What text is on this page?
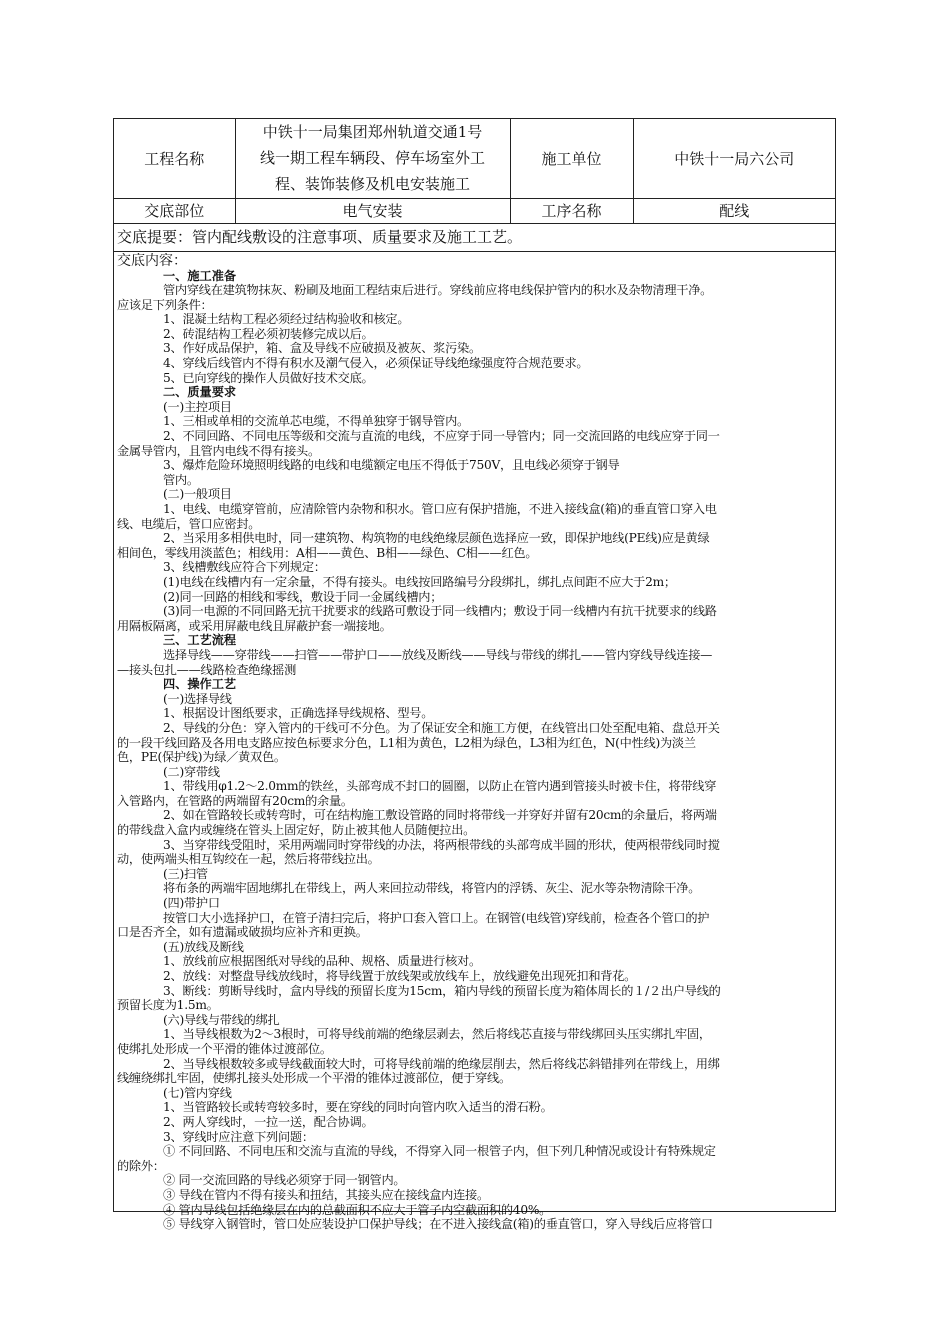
工程名称	中铁十一局集团郑州轨道交通1号
线一期工程车辆段、停车场室外工
程、装饰装修及机电安装施工	施工单位	中铁十一局六公司
交底部位	电气安装	工序名称	配线
交底提要：管内配线敷设的注意事项、质量要求及施工工艺。
交底内容：
一、施工准备
管内穿线在建筑物抹灰、粉刷及地面工程结束后进行。穿线前应将电线保护管内的积水及杂物清理干净。
应该足下列条件：
1、混凝土结构工程必须经过结构验收和核定。
2、砖混结构工程必须初装修完成以后。
3、作好成品保护，箱、盒及导线不应破损及被灰、浆污染。
4、穿线后线管内不得有积水及潮气侵入，必须保证导线绝缘强度符合规范要求。
5、已向穿线的操作人员做好技术交底。
二、质量要求
(一)主控项目
1、三相或单相的交流单芯电缆，不得单独穿于钢导管内。
2、不同回路、不同电压等级和交流与直流的电线，不应穿于同一导管内；同一交流回路的电线应穿于同一
金属导管内，且管内电线不得有接头。
3、爆炸危险环境照明线路的电线和电缆额定电压不得低于750V，且电线必须穿于钢导
管内。
(二)一般项目
1、电线、电缆穿管前，应清除管内杂物和积水。管口应有保护措施，不进入接线盒(箱)的垂直管口穿入电
线、电缆后，管口应密封。
2、当采用多相供电时，同一建筑物、构筑物的电线绝缘层颜色选择应一致，即保护地线(PE线)应是黄绿
相间色，零线用淡蓝色；相线用：A相——黄色、B相——绿色、C相——红色。
3、线槽敷线应符合下列规定：
(1)电线在线槽内有一定余量，不得有接头。电线按回路编号分段绑扎，绑扎点间距不应大于2m；
(2)同一回路的相线和零线，敷设于同一金属线槽内；
(3)同一电源的不同回路无抗干扰要求的线路可敷设于同一线槽内；敷设于同一线槽内有抗干扰要求的线路
用隔板隔离，或采用屏蔽电线且屏蔽护套一端接地。
三、工艺流程
选择导线——穿带线——扫管——带护口——放线及断线——导线与带线的绑扎——管内穿线导线连接—
—接头包扎——线路检查绝缘摇测
四、操作工艺
(一)选择导线
1、根据设计图纸要求，正确选择导线规格、型号。
2、导线的分色：穿入管内的干线可不分色。为了保证安全和施工方便，在线管出口处至配电箱、盘总开关
的一段干线回路及各用电支路应按色标要求分色，L1相为黄色，L2相为绿色，L3相为红色，N(中性线)为淡兰
色，PE(保护线)为绿／黄双色。
(二)穿带线
1、带线用φ1.2～2.0mm的铁丝，头部弯成不封口的圆圈，以防止在管内遇到管接头时被卡住，将带线穿
入管路内，在管路的两端留有20cm的余量。
2、如在管路较长或转弯时，可在结构施工敷设管路的同时将带线一并穿好并留有20cm的余量后，将两端
的带线盘入盒内或缠绕在管头上固定好，防止被其他人员随便拉出。
3、当穿带线受阻时，采用两端同时穿带线的办法，将两根带线的头部弯成半圆的形状，使两根带线同时搅
动，使两端头相互钩绞在一起，然后将带线拉出。
(三)扫管
将布条的两端牢固地绑扎在带线上，两人来回拉动带线，将管内的浮锈、灰尘、泥水等杂物清除干净。
(四)带护口
按管口大小选择护口，在管子清扫完后，将护口套入管口上。在钢管(电线管)穿线前，检查各个管口的护
口是否齐全，如有遗漏或破损均应补齐和更换。
(五)放线及断线
1、放线前应根据图纸对导线的品种、规格、质量进行核对。
2、放线：对整盘导线放线时，将导线置于放线架或放线车上，放线避免出现死扣和背花。
3、断线：剪断导线时，盒内导线的预留长度为15cm，箱内导线的预留长度为箱体周长的１/２出户导线的
预留长度为1.5m。
(六)导线与带线的绑扎
1、当导线根数为2～3根时，可将导线前端的绝缘层剥去，然后将线芯直接与带线绑回头压实绑扎牢固，
使绑扎处形成一个平滑的锥体过渡部位。
2、当导线根数较多或导线截面较大时，可将导线前端的绝缘层削去，然后将线芯斜错排列在带线上，用绑
线缠绕绑扎牢固，使绑扎接头处形成一个平滑的锥体过渡部位，便于穿线。
(七)管内穿线
1、当管路较长或转弯较多时，要在穿线的同时向管内吹入适当的滑石粉。
2、两人穿线时，一拉一送，配合协调。
3、穿线时应注意下列问题：
① 不同回路、不同电压和交流与直流的导线，不得穿入同一根管子内，但下列几种情况或设计有特殊规定
的除外：
② 同一交流回路的导线必须穿于同一钢管内。
③ 导线在管内不得有接头和扭结，其接头应在接线盒内连接。
④ 管内导线包括绝缘层在内的总截面积不应大于管子内空截面积的40%。
⑤ 导线穿入钢管时，管口处应装设护口保护导线；在不进入接线盒(箱)的垂直管口，穿入导线后应将管口
